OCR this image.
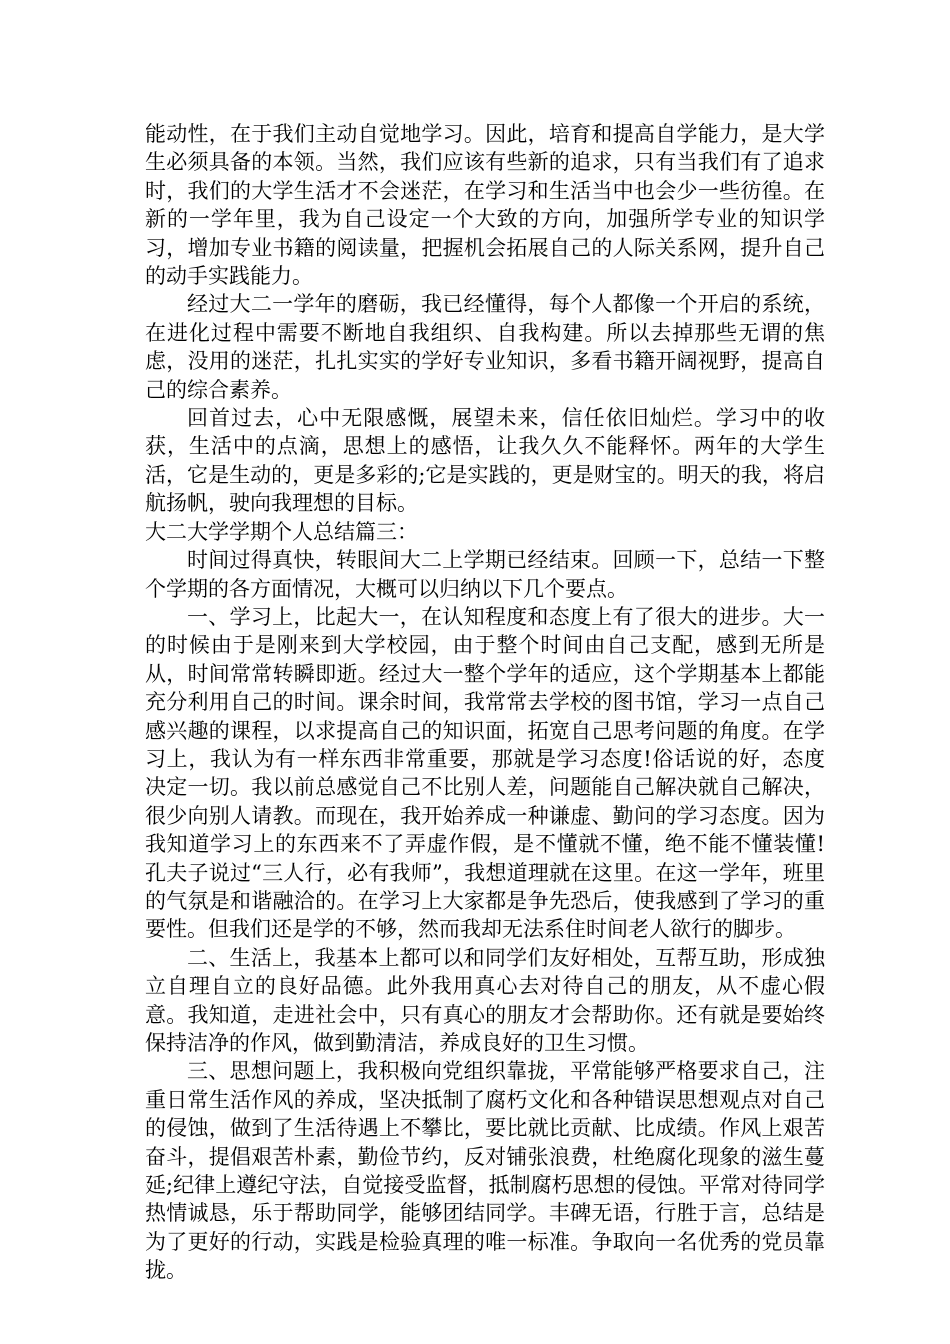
能动性，在于我们主动自觉地学习。因此，培育和提高自学能力，是大学生必须具备的本领。当然，我们应该有些新的追求，只有当我们有了追求时，我们的大学生活才不会迷茫，在学习和生活当中也会少一些彷徨。在新的一学年里，我为自己设定一个大致的方向，加强所学专业的知识学习，增加专业书籍的阅读量，把握机会拓展自己的人际关系网，提升自己的动手实践能力。

经过大二一学年的磨砺，我已经懂得，每个人都像一个开启的系统，在进化过程中需要不断地自我组织、自我构建。所以去掉那些无谓的焦虑，没用的迷茫，扎扎实实的学好专业知识，多看书籍开阔视野，提高自己的综合素养。

回首过去，心中无限感慨，展望未来，信任依旧灿烂。学习中的收获，生活中的点滴，思想上的感悟，让我久久不能释怀。两年的大学生活，它是生动的，更是多彩的;它是实践的，更是财宝的。明天的我，将启航扬帆，驶向我理想的目标。

大二大学学期个人总结篇三：

时间过得真快，转眼间大二上学期已经结束。回顾一下，总结一下整个学期的各方面情况，大概可以归纳以下几个要点。

一、学习上，比起大一，在认知程度和态度上有了很大的进步。大一的时候由于是刚来到大学校园，由于整个时间由自己支配，感到无所是从，时间常常转瞬即逝。经过大一整个学年的适应，这个学期基本上都能充分利用自己的时间。课余时间，我常常去学校的图书馆，学习一点自己感兴趣的课程，以求提高自己的知识面，拓宽自己思考问题的角度。在学习上，我认为有一样东西非常重要，那就是学习态度!俗话说的好，态度决定一切。我以前总感觉自己不比别人差，问题能自己解决就自己解决，很少向别人请教。而现在，我开始养成一种谦虚、勤问的学习态度。因为我知道学习上的东西来不了弄虚作假，是不懂就不懂，绝不能不懂装懂!孔夫子说过“三人行，必有我师”，我想道理就在这里。在这一学年，班里的气氛是和谐融洽的。在学习上大家都是争先恐后，使我感到了学习的重要性。但我们还是学的不够，然而我却无法系住时间老人欲行的脚步。

二、生活上，我基本上都可以和同学们友好相处，互帮互助，形成独立自理自立的良好品德。此外我用真心去对待自己的朋友，从不虚心假意。我知道，走进社会中，只有真心的朋友才会帮助你。还有就是要始终保持洁净的作风，做到勤清洁，养成良好的卫生习惯。

三、思想问题上，我积极向党组织靠拢，平常能够严格要求自己，注重日常生活作风的养成，坚决抵制了腐朽文化和各种错误思想观点对自己的侵蚀，做到了生活待遇上不攀比，要比就比贡献、比成绩。作风上艰苦奋斗，提倡艰苦朴素，勤俭节约，反对铺张浪费，杜绝腐化现象的滋生蔓延;纪律上遵纪守法，自觉接受监督，抵制腐朽思想的侵蚀。平常对待同学热情诚恳，乐于帮助同学，能够团结同学。丰碑无语，行胜于言，总结是为了更好的行动，实践是检验真理的唯一标准。争取向一名优秀的党员靠拢。
